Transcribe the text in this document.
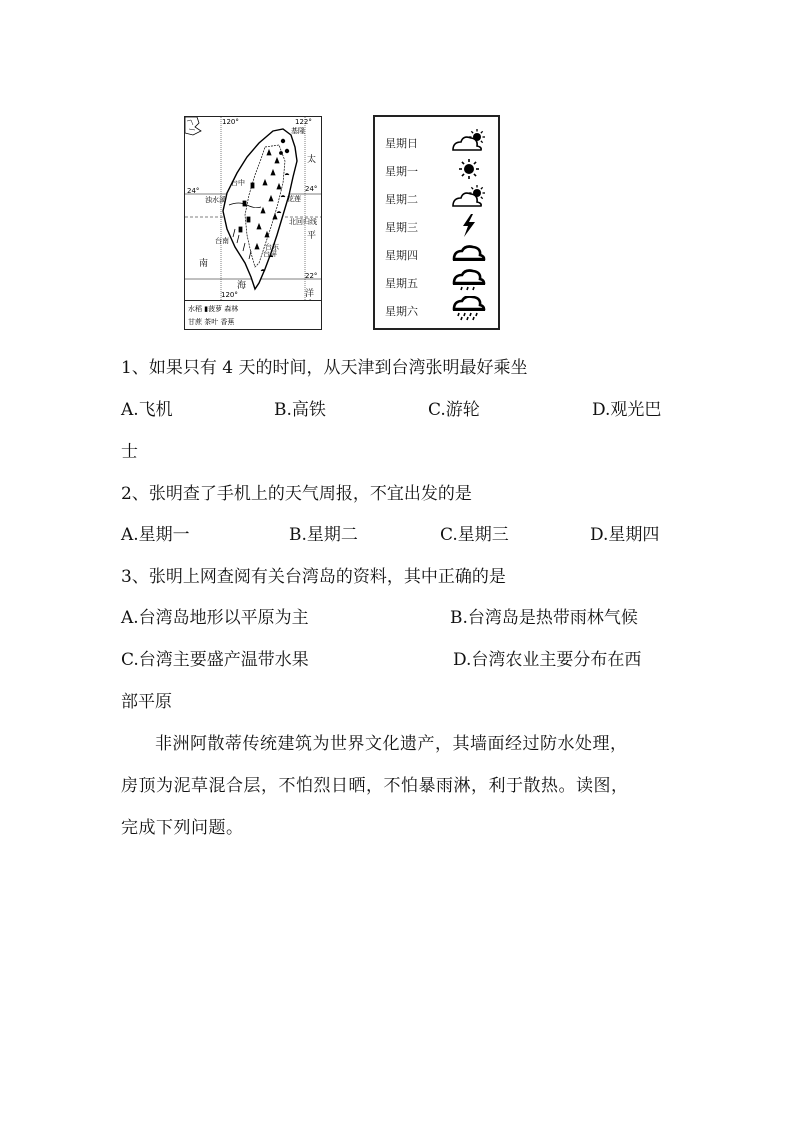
120°	122°
基隆
太
台中
24°	24°
浊水溪	花莲
北回归线
台南
台东
平
台屏
南
22°
海
洋
120°
水稻 ▮菠萝 森林
甘蔗 茶叶 香蕉
星期日
星期一
星期二
星期三
星期四
星期五
星期六
1、如果只有 4 天的时间，从天津到台湾张明最好乘坐
A.飞机	B.高铁	C.游轮	D.观光巴
士
2、张明查了手机上的天气周报，不宜出发的是
A.星期一	B.星期二	C.星期三	D.星期四
3、张明上网查阅有关台湾岛的资料，其中正确的是
A.台湾岛地形以平原为主	B.台湾岛是热带雨林气候
C.台湾主要盛产温带水果	D.台湾农业主要分布在西
部平原
非洲阿散蒂传统建筑为世界文化遗产，其墙面经过防水处理，
房顶为泥草混合层，不怕烈日晒，不怕暴雨淋，利于散热。读图，
完成下列问题。
